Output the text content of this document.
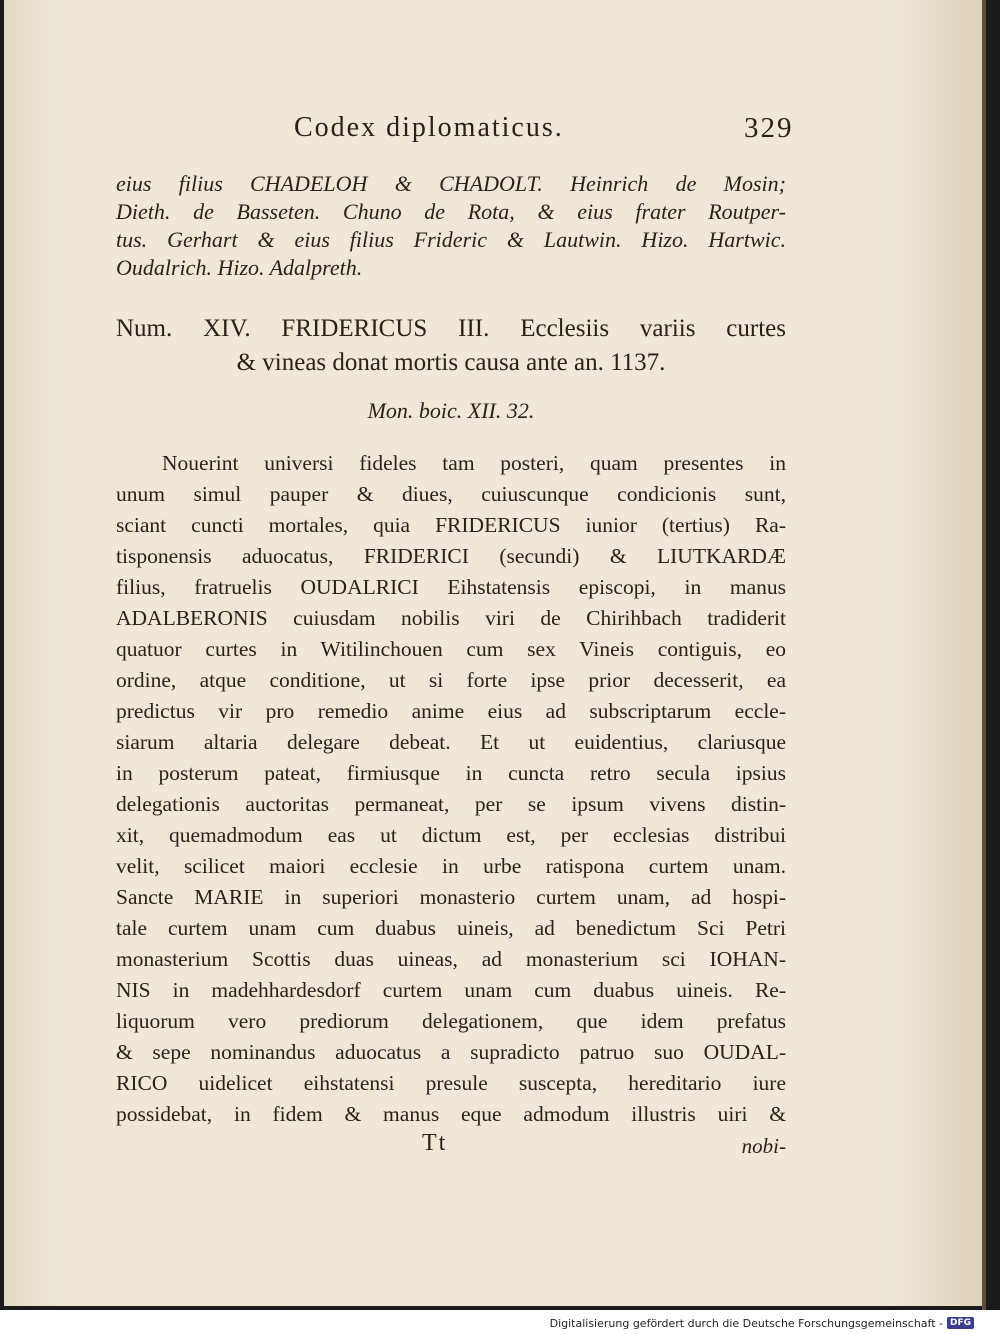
Codex diplomaticus.	329
eius filius CHADELOH & CHADOLT. Heinrich de Mosin;
Dieth. de Basseten. Chuno de Rota, & eius frater Routper-
tus. Gerhart & eius filius Frideric & Lautwin. Hizo. Hartwic.
Oudalrich. Hizo. Adalpreth.
Num. XIV. FRIDERICUS III. Ecclesiis variis curtes
& vineas donat mortis causa ante an. 1137.
Mon. boic. XII. 32.
Nouerint universi fideles tam posteri, quam presentes in
unum simul pauper & diues, cuiuscunque condicionis sunt,
sciant cuncti mortales, quia FRIDERICUS iunior (tertius) Ra-
tisponensis aduocatus, FRIDERICI (secundi) & LIUTKARDÆ
filius, fratruelis OUDALRICI Eihstatensis episcopi, in manus
ADALBERONIS cuiusdam nobilis viri de Chirihbach tradiderit
quatuor curtes in Witilinchouen cum sex Vineis contiguis, eo
ordine, atque conditione, ut si forte ipse prior decesserit, ea
predictus vir pro remedio anime eius ad subscriptarum eccle-
siarum altaria delegare debeat. Et ut euidentius, clariusque
in posterum pateat, firmiusque in cuncta retro secula ipsius
delegationis auctoritas permaneat, per se ipsum vivens distin-
xit, quemadmodum eas ut dictum est, per ecclesias distribui
velit, scilicet maiori ecclesie in urbe ratispona curtem unam.
Sancte MARIE in superiori monasterio curtem unam, ad hospi-
tale curtem unam cum duabus uineis, ad benedictum Sci Petri
monasterium Scottis duas uineas, ad monasterium sci IOHAN-
NIS in madehhardesdorf curtem unam cum duabus uineis. Re-
liquorum vero prediorum delegationem, que idem prefatus
& sepe nominandus aduocatus a supradicto patruo suo OUDAL-
RICO uidelicet eihstatensi presule susceptа, hereditario iure
possidebat, in fidem & manus eque admodum illustris uiri &
Tt	nobi-
Digitalisierung gefördert durch die Deutsche Forschungsgemeinschaft - DFG
